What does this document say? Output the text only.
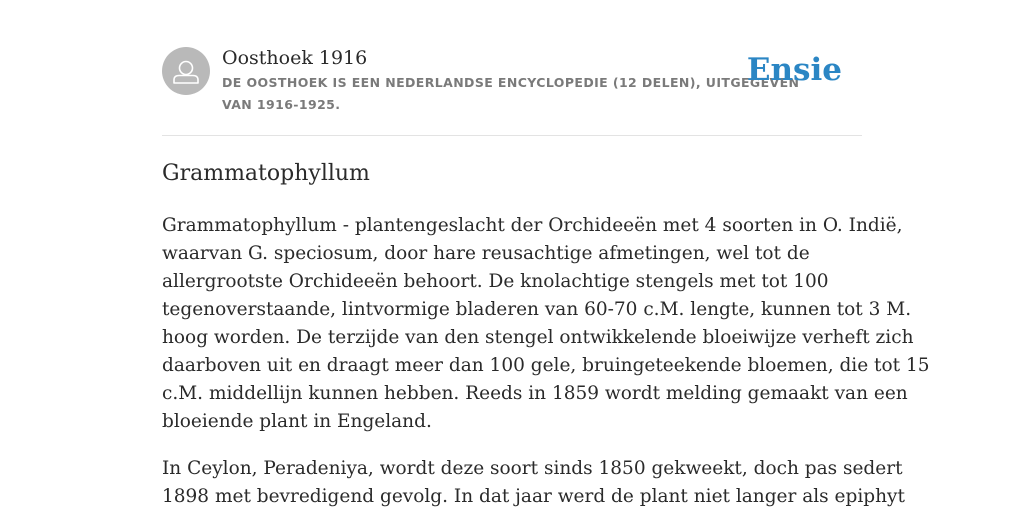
Oosthoek 1916
DE OOSTHOEK IS EEN NEDERLANDSE ENCYCLOPEDIE (12 DELEN), UITGEGEVEN
VAN 1916-1925.
Ensie
Grammatophyllum

Grammatophyllum - plantengeslacht der Orchideeën met 4 soorten in O. Indië,
waarvan G. speciosum, door hare reusachtige afmetingen, wel tot de
allergrootste Orchideeën behoort. De knolachtige stengels met tot 100
tegenoverstaande, lintvormige bladeren van 60-70 c.M. lengte, kunnen tot 3 M.
hoog worden. De terzijde van den stengel ontwikkelende bloeiwijze verheft zich
daarboven uit en draagt meer dan 100 gele, bruingeteekende bloemen, die tot 15
c.M. middellijn kunnen hebben. Reeds in 1859 wordt melding gemaakt van een
bloeiende plant in Engeland.

In Ceylon, Peradeniya, wordt deze soort sinds 1850 gekweekt, doch pas sedert
1898 met bevredigend gevolg. In dat jaar werd de plant niet langer als epiphyt
